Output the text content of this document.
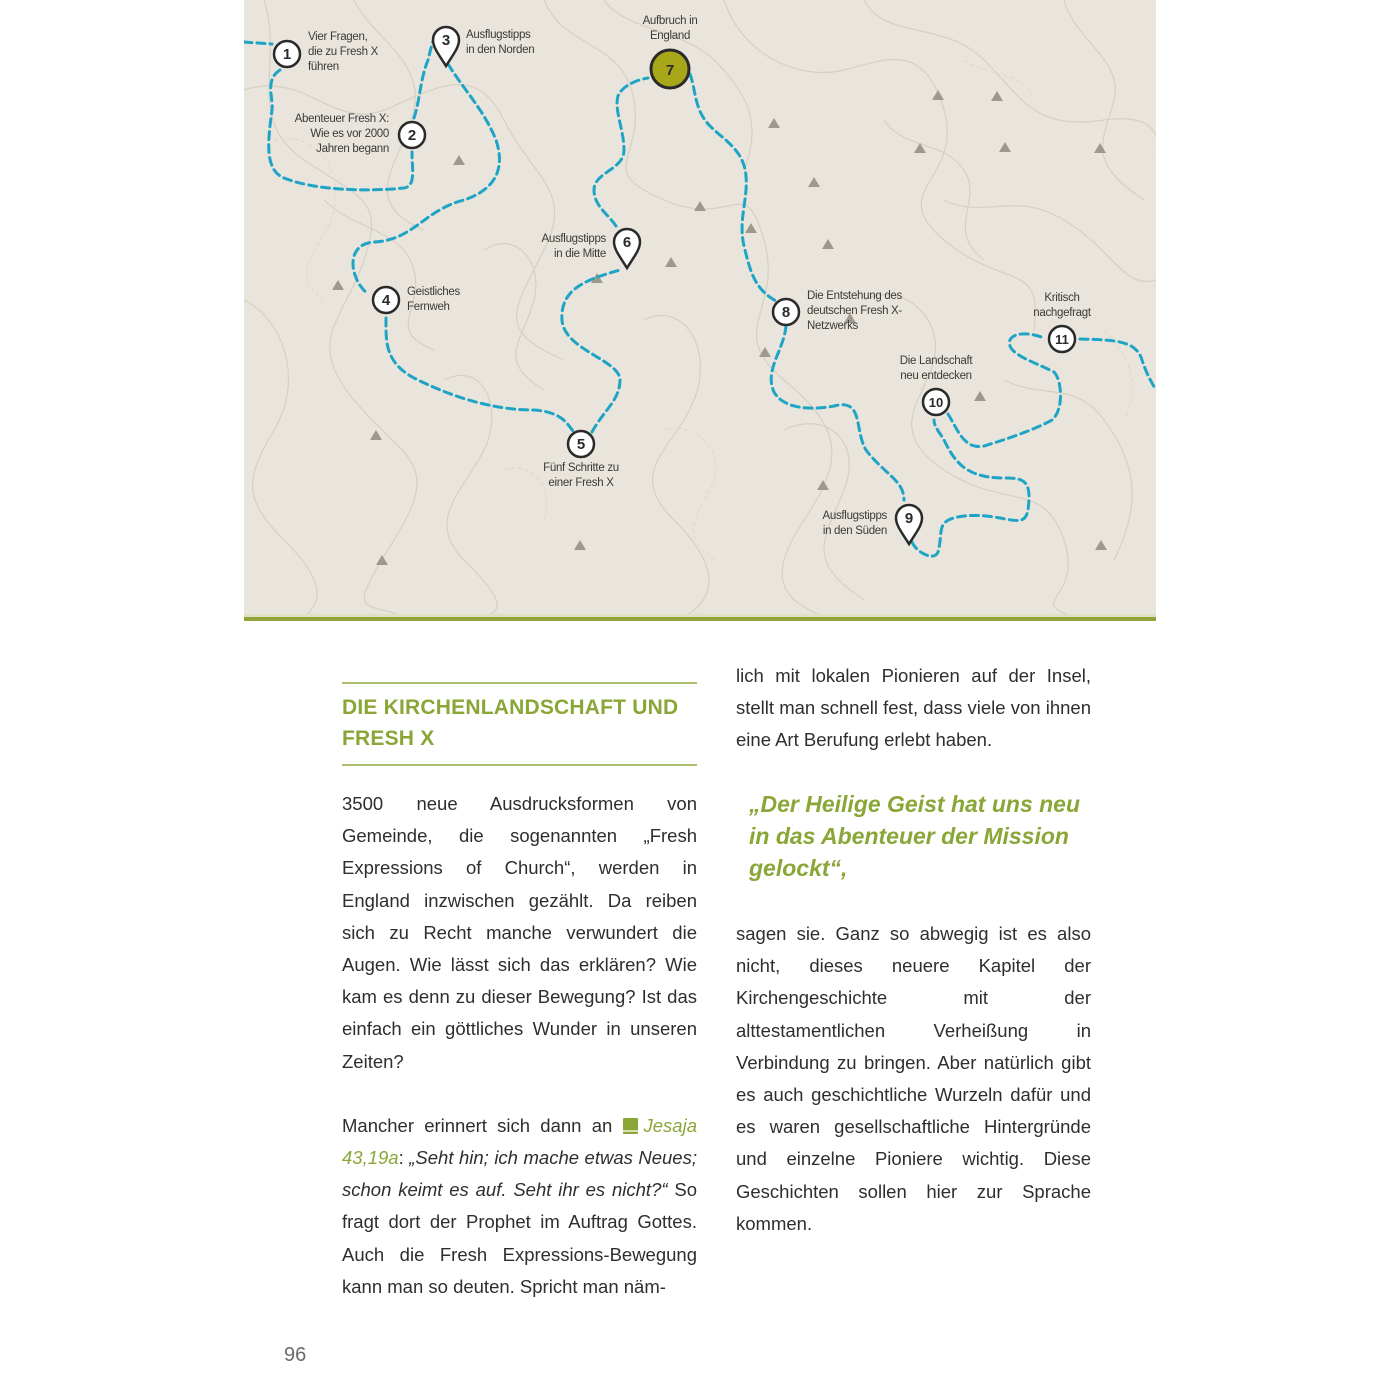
1
2
3
4
5
6
7
8
9
10
11
Vier Fragen,
die zu Fresh X
führen
Abenteuer Fresh X:
Wie es vor 2000
Jahren begann
Ausflugstipps
in den Norden
Geistliches
Fernweh
Fünf Schritte zu
einer Fresh X
Ausflugstipps
in die Mitte
Aufbruch in
England
Die Entstehung des
deutschen Fresh X-
Netzwerks
Ausflugstipps
in den Süden
Die Landschaft
neu entdecken
Kritisch
nachgefragt
DIE KIRCHENLANDSCHAFT UND FRESH X

3500 neue Ausdrucksformen von Gemeinde, die sogenannten „Fresh Expressions of Church“, werden in England inzwischen gezählt. Da reiben sich zu Recht manche verwundert die Augen. Wie lässt sich das erklären? Wie kam es denn zu dieser Bewegung? Ist das einfach ein göttliches Wunder in unseren Zeiten?

Mancher erinnert sich dann an Jesaja 43,19a: „Seht hin; ich mache etwas Neues; schon keimt es auf. Seht ihr es nicht?“ So fragt dort der Prophet im Auftrag Gottes. Auch die Fresh Expressions-Bewegung kann man so deuten. Spricht man näm-

lich mit lokalen Pionieren auf der Insel, stellt man schnell fest, dass viele von ihnen eine Art Berufung erlebt haben.

„Der Heilige Geist hat uns neu in das Abenteuer der Mission gelockt“,

sagen sie. Ganz so abwegig ist es also nicht, dieses neuere Kapitel der Kirchengeschichte mit der alttestamentlichen Verheißung in Verbindung zu bringen. Aber natürlich gibt es auch geschichtliche Wurzeln dafür und es waren gesellschaftliche Hintergründe und einzelne Pioniere wichtig. Diese Geschichten sollen hier zur Sprache kommen.

96
